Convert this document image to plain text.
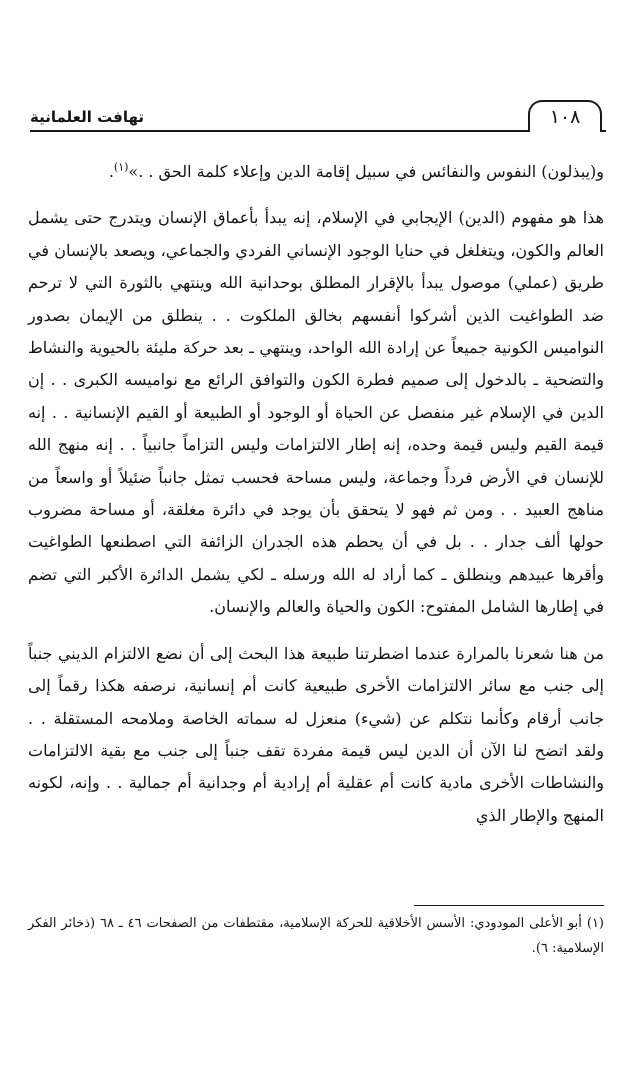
تهافت العلمانية	١٠٨

و(يبذلون) النفوس والنفائس في سبيل إقامة الدين وإعلاء كلمة الحق . .»$^{(١)}$.

هذا هو مفهوم (الدين) الإيجابي في الإسلام، إنه يبدأ بأعماق الإنسان ويتدرج حتى يشمل العالم والكون، ويتغلغل في حنايا الوجود الإنساني الفردي والجماعي، ويصعد بالإنسان في طريق (عملي) موصول يبدأ بالإقرار المطلق بوحدانية الله وينتهي بالثورة التي لا ترحم ضد الطواغيت الذين أشركوا أنفسهم بخالق الملكوت . . ينطلق من الإيمان بصدور النواميس الكونية جميعاً عن إرادة الله الواحد، وينتهي ـ بعد حركة مليئة بالحيوية والنشاط والتضحية ـ بالدخول إلى صميم فطرة الكون والتوافق الرائع مع نواميسه الكبرى . . إن الدين في الإسلام غير منفصل عن الحياة أو الوجود أو الطبيعة أو القيم الإنسانية . . إنه قيمة القيم وليس قيمة وحده، إنه إطار الالتزامات وليس التزاماً جانبياً . . إنه منهج الله للإنسان في الأرض فرداً وجماعة، وليس مساحة فحسب تمثل جانباً ضئيلاً أو واسعاً من مناهج العبيد . . ومن ثم فهو لا يتحقق بأن يوجد في دائرة مغلقة، أو مساحة مضروب حولها ألف جدار . . بل في أن يحطم هذه الجدران الزائفة التي اصطنعها الطواغيت وأقرها عبيدهم وينطلق ـ كما أراد له الله ورسله ـ لكي يشمل الدائرة الأكبر التي تضم في إطارها الشامل المفتوح: الكون والحياة والعالم والإنسان.

من هنا شعرنا بالمرارة عندما اضطرتنا طبيعة هذا البحث إلى أن نضع الالتزام الديني جنباً إلى جنب مع سائر الالتزامات الأخرى طبيعية كانت أم إنسانية، نرصفه هكذا رقماً إلى جانب أرقام وكأنما نتكلم عن (شيء) منعزل له سماته الخاصة وملامحه المستقلة . . ولقد اتضح لنا الآن أن الدين ليس قيمة مفردة تقف جنباً إلى جنب مع بقية الالتزامات والنشاطات الأخرى مادية كانت أم عقلية أم إرادية أم وجدانية أم جمالية . . وإنه، لكونه المنهج والإطار الذي

(١) أبو الأعلى المودودي: الأسس الأخلاقية للحركة الإسلامية، مقتطفات من الصفحات ٤٦ ـ ٦٨ (ذخائر الفكر الإسلامية: ٦).
